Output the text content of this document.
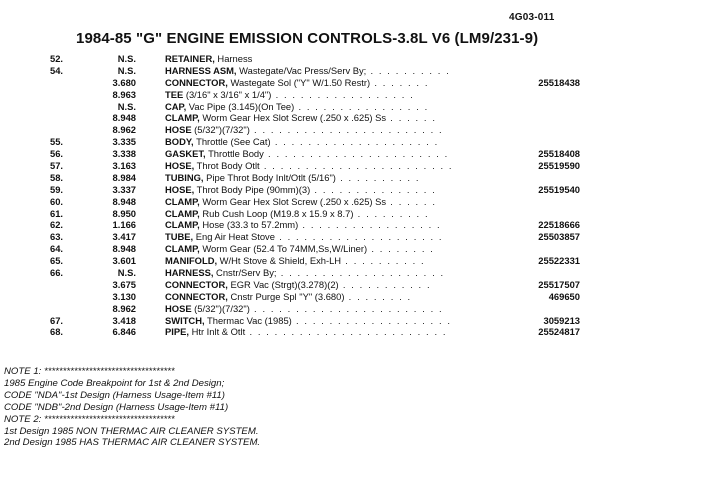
4G03-011
1984-85 "G" ENGINE EMISSION CONTROLS-3.8L V6 (LM9/231-9)
52.	N.S.	RETAINER, Harness
54.	N.S.	HARNESS ASM, Wastegate/Vac Press/Serv By; . . . . . . . . . .
3.680	CONNECTOR, Wastegate Sol ("Y" W/1.50 Restr) . . . . . . .	25518438
8.963	TEE (3/16" x 3/16" x 1/4") . . . . . . . . . . . . . . . . .
N.S.	CAP, Vac Pipe (3.145)(On Tee) . . . . . . . . . . . . . . . .
8.948	CLAMP, Worm Gear Hex Slot Screw (.250 x .625) Ss . . . . . .
8.962	HOSE (5/32")(7/32") . . . . . . . . . . . . . . . . . . . . . . .
55.	3.335	BODY, Throttle (See Cat) . . . . . . . . . . . . . . . . . . . .
56.	3.338	GASKET, Throttle Body . . . . . . . . . . . . . . . . . . . . . .	25518408
57.	3.163	HOSE, Throt Body Otlt . . . . . . . . . . . . . . . . . . . . . . .	25519590
58.	8.984	TUBING, Pipe Throt Body Inlt/Otlt (5/16") . . . . . . . . . .
59.	3.337	HOSE, Throt Body Pipe (90mm)(3) . . . . . . . . . . . . . . .	25519540
60.	8.948	CLAMP, Worm Gear Hex Slot Screw (.250 x .625) Ss . . . . . .
61.	8.950	CLAMP, Rub Cush Loop (M19.8 x 15.9 x 8.7) . . . . . . . . .
62.	1.166	CLAMP, Hose (33.3 to 57.2mm) . . . . . . . . . . . . . . . . .	22518666
63.	3.417	TUBE, Eng Air Heat Stove . . . . . . . . . . . . . . . . . . . .	25503857
64.	8.948	CLAMP, Worm Gear (52.4 To 74MM,Ss,W/Liner) . . . . . . . .
65.	3.601	MANIFOLD, W/Ht Stove & Shield, Exh-LH . . . . . . . . . .	25522331
66.	N.S.	HARNESS, Cnstr/Serv By; . . . . . . . . . . . . . . . . . . . .
3.675	CONNECTOR, EGR Vac (Strgt)(3.278)(2) . . . . . . . . . . .	25517507
3.130	CONNECTOR, Cnstr Purge Spl "Y" (3.680) . . . . . . . .	469650
8.962	HOSE (5/32")(7/32") . . . . . . . . . . . . . . . . . . . . . . .
67.	3.418	SWITCH, Thermac Vac (1985) . . . . . . . . . . . . . . . . . . .	3059213
68.	6.846	PIPE, Htr Inlt & Otlt . . . . . . . . . . . . . . . . . . . . . . . .	25524817
NOTE 1: ***********************************
1985 Engine Code Breakpoint for 1st & 2nd Design;
CODE "NDA"-1st Design (Harness Usage-Item #11)
CODE "NDB"-2nd Design (Harness Usage-Item #11)
NOTE 2: ***********************************
1st Design 1985 NON THERMAC AIR CLEANER SYSTEM.
2nd Design 1985 HAS THERMAC AIR CLEANER SYSTEM.
